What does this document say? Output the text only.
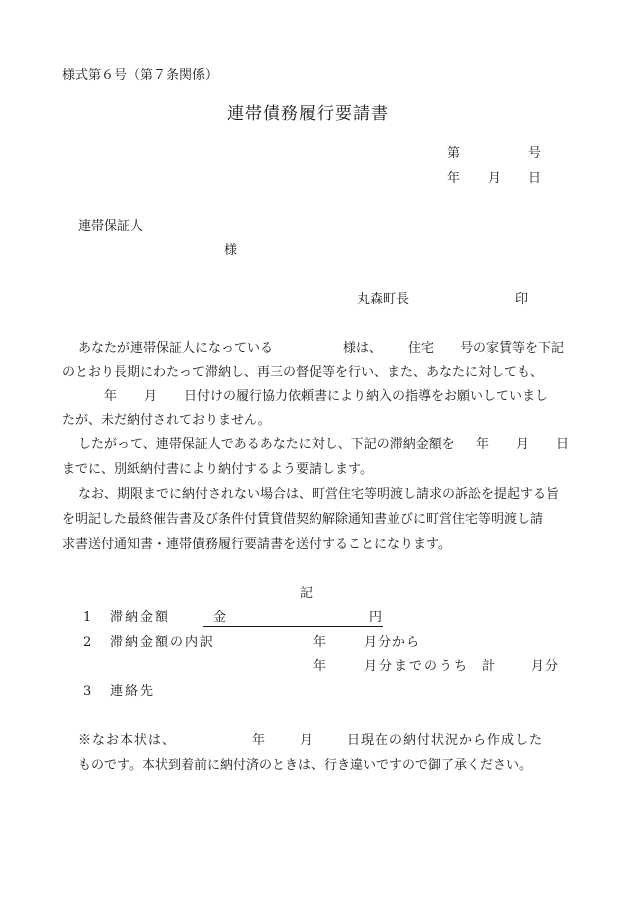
様式第６号（第７条関係）
連帯債務履行要請書
第	号
年 月 日
連帯保証人
様
丸森町長	印
あなたが連帯保証人になっている	様は、 住宅 号の家賃等を下記
のとおり長期にわたって滞納し、再三の督促等を行い、また、あなたに対しても、
年 月 日付けの履行協力依頼書により納入の指導をお願いしていまし
たが、未だ納付されておりません。
したがって、連帯保証人であるあなたに対し、下記の滞納金額を 年 月 日
までに、別紙納付書により納付するよう要請します。
なお、期限までに納付されない場合は、町営住宅等明渡し請求の訴訟を提起する旨
を明記した最終催告書及び条件付賃貸借契約解除通知書並びに町営住宅等明渡し請
求書送付通知書・連帯債務履行要請書を送付することになります。
記
1 滞納金額	金	円
2 滞納金額の内訳	年	月分から
年	月分までのうち 計	月分
3 連絡先
※なお本状は、	年	月	日現在の納付状況から作成した
ものです。本状到着前に納付済のときは、行き違いですので御了承ください。
